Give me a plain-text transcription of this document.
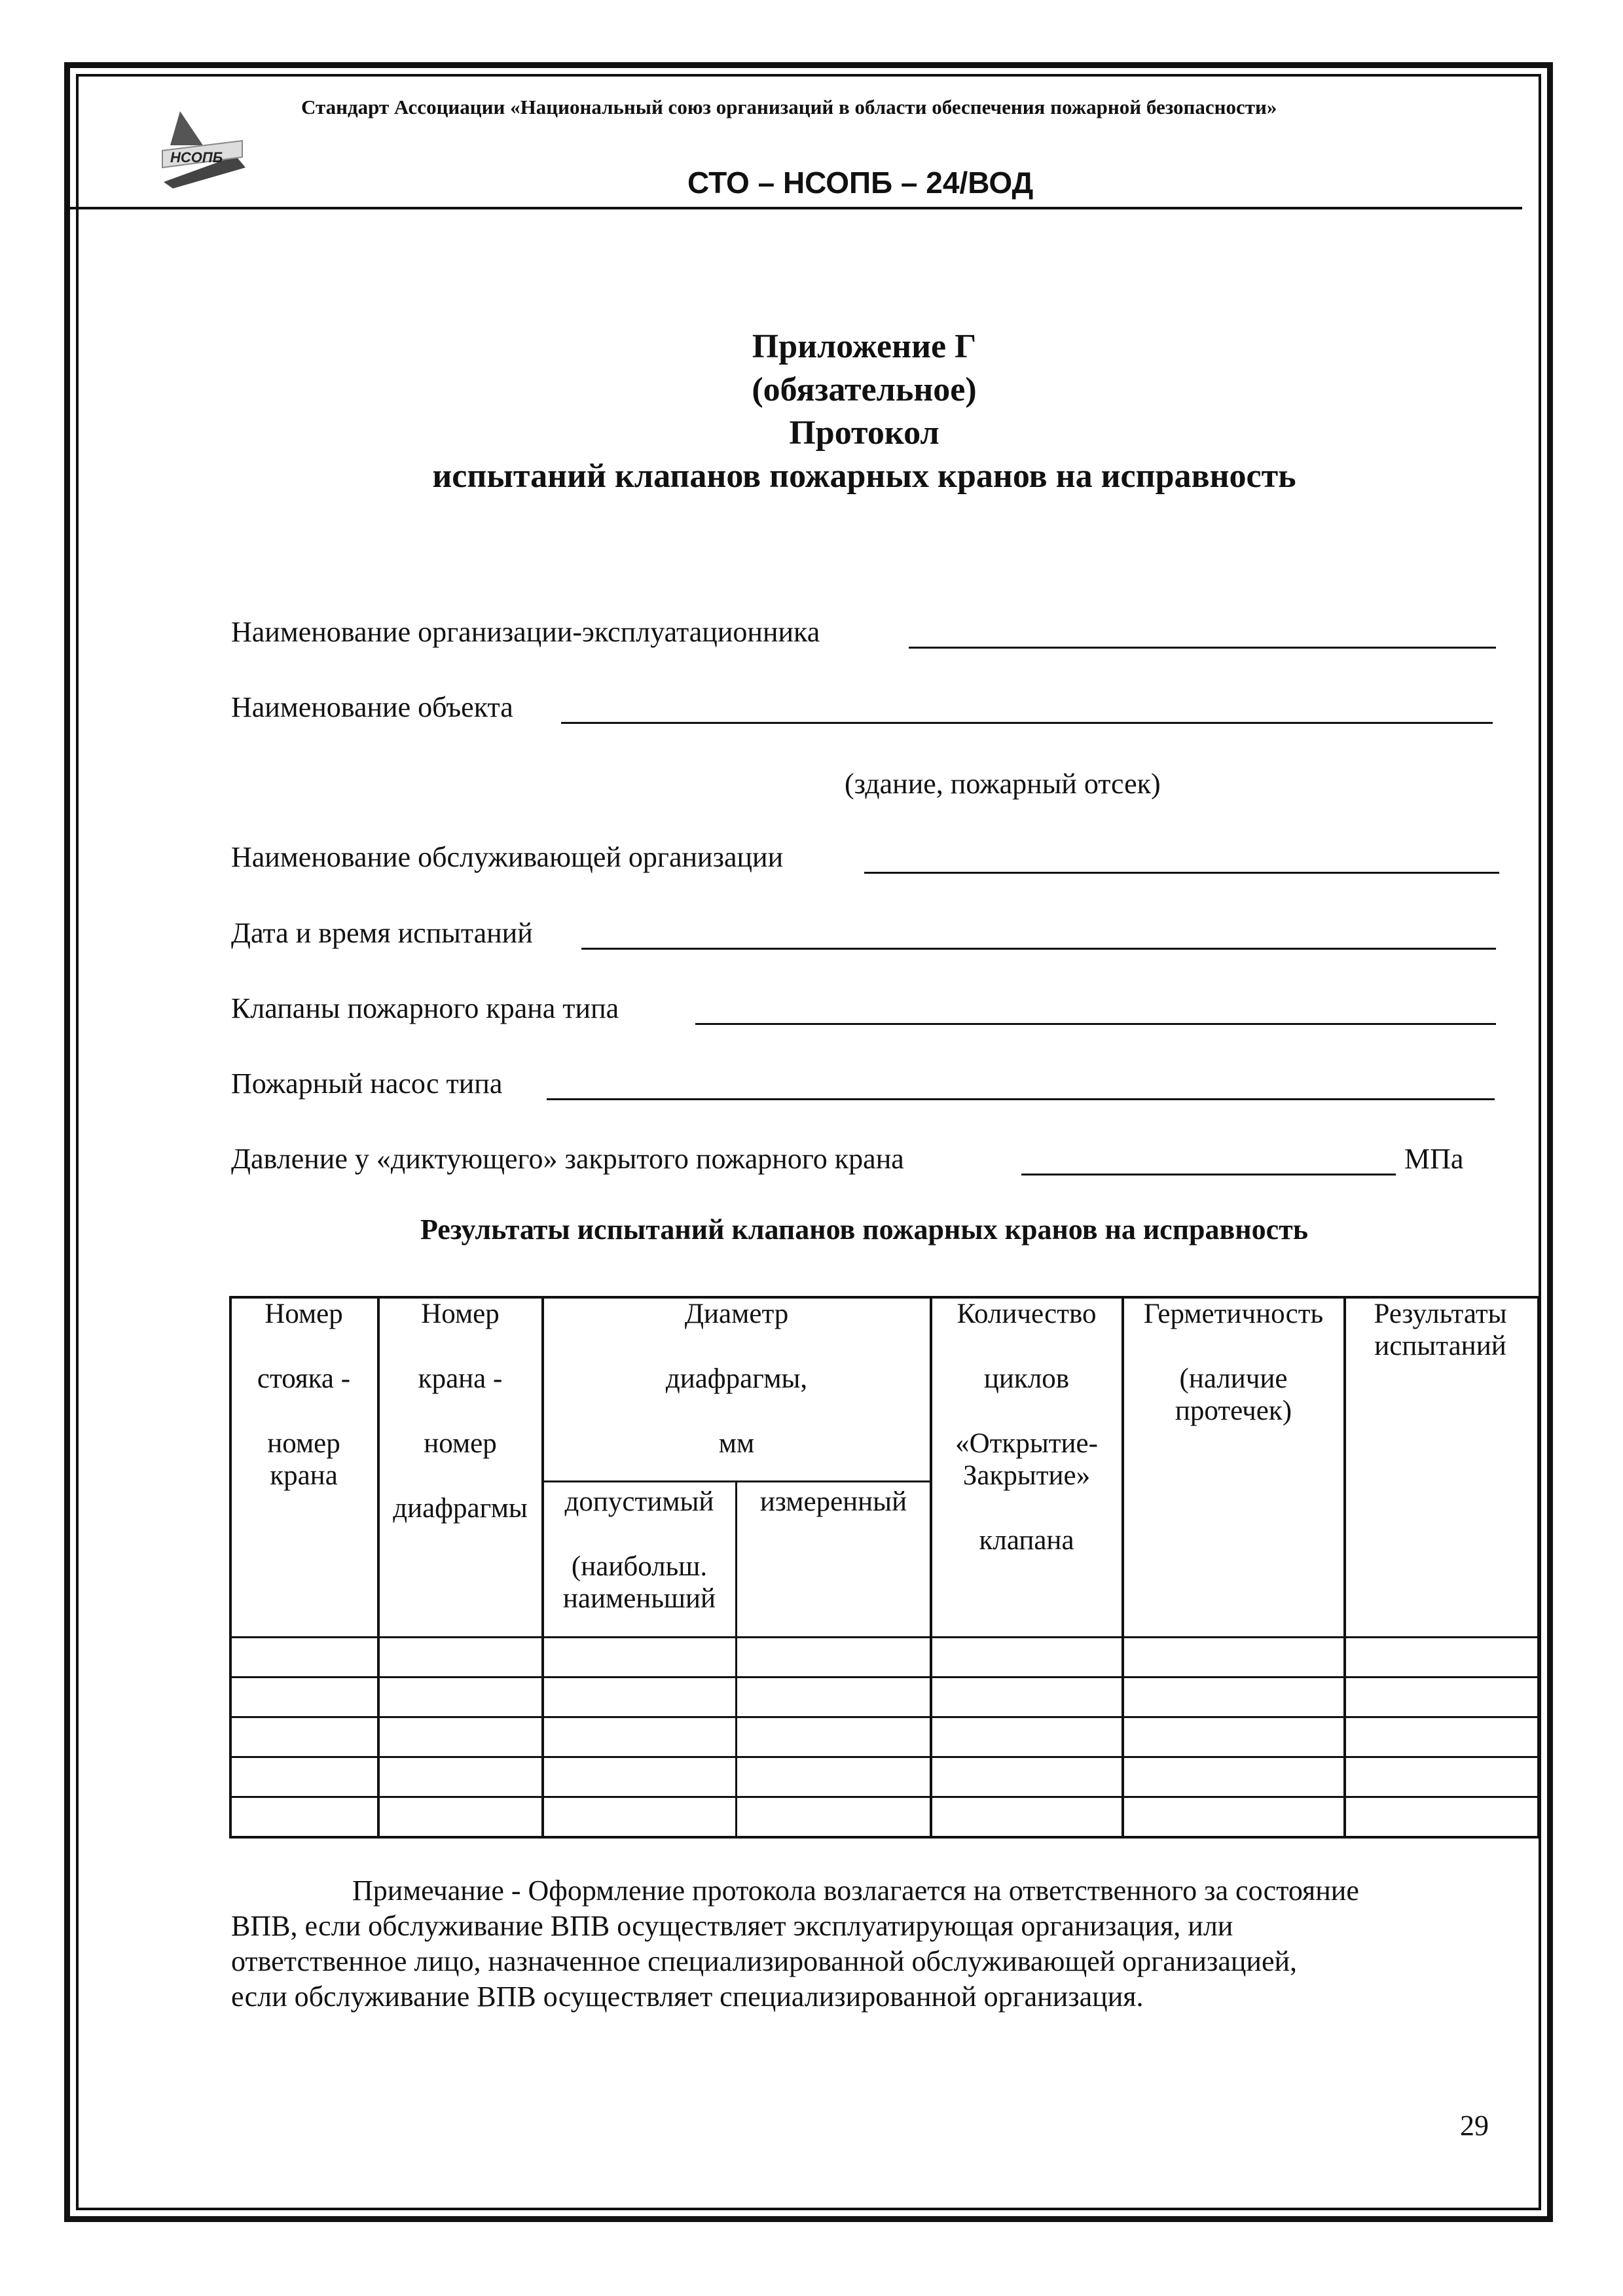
НСОПБ
Стандарт Ассоциации «Национальный союз организаций в области обеспечения пожарной безопасности»
СТО – НСОПБ – 24/ВОД
Приложение Г
(обязательное)
Протокол
испытаний клапанов пожарных кранов на исправность
Наименование организации-эксплуатационника
Наименование объекта
(здание, пожарный отсек)
Наименование обслуживающей организации
Дата и время испытаний
Клапаны пожарного крана типа
Пожарный насос типа
Давление у «диктующего» закрытого пожарного крана	МПа
Результаты испытаний клапанов пожарных кранов на исправность
Номер

стояка -

номер
крана
Номер

крана -

номер

диафрагмы
Диаметр

диафрагмы,

мм
допустимый

(наибольш.
наименьший
измеренный
Количество

циклов

«Открытие-
Закрытие»

клапана
Герметичность

(наличие
протечек)
Результаты
испытаний
Примечание - Оформление протокола возлагается на ответственного за состояние
ВПВ, если обслуживание ВПВ осуществляет эксплуатирующая организация, или
ответственное лицо, назначенное специализированной обслуживающей организацией,
если обслуживание ВПВ осуществляет специализированной организация.
29
